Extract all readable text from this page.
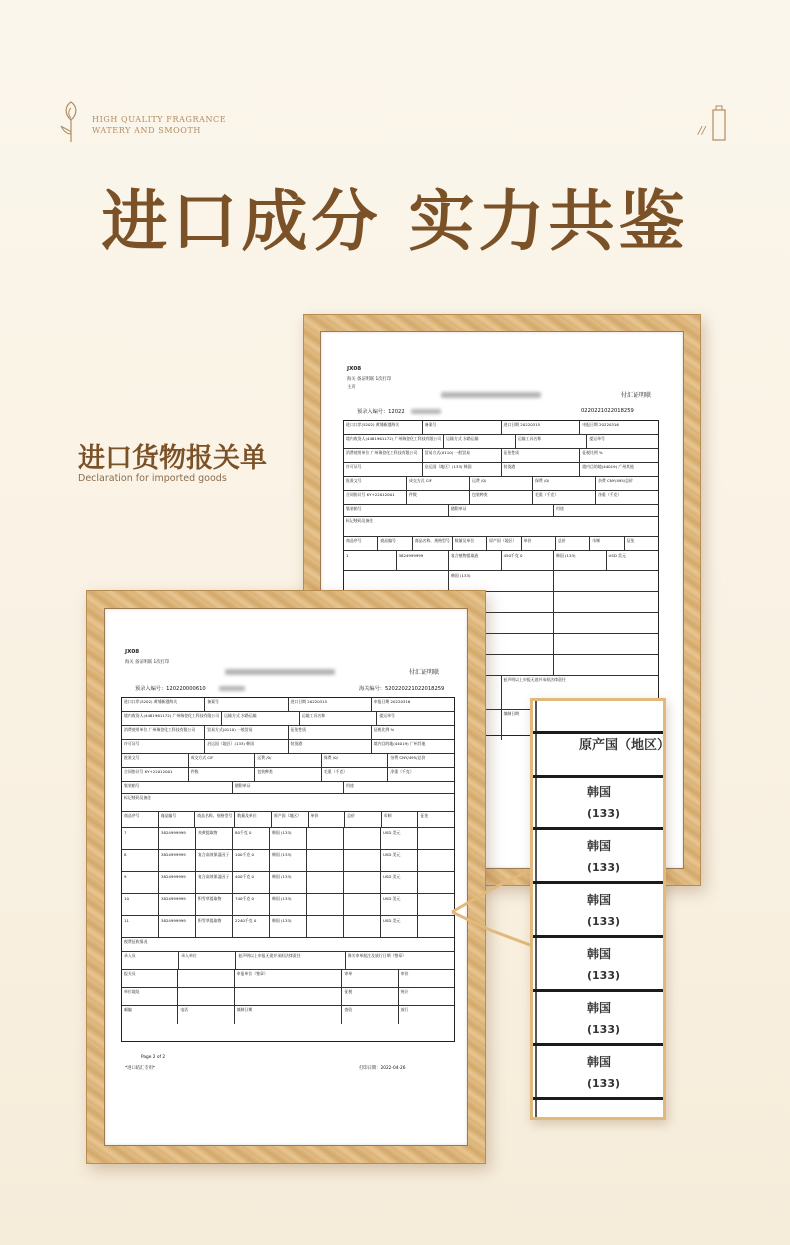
HIGH QUALITY FRAGRANCE
WATERY AND SMOOTH	//
进口成分 实力共鉴
进口货物报关单
Declaration for imported goods
JX08
海关 备证明联 1次打印
主页
付汇证明联
预录入编号：12022	0220221022018259
进口口岸(5202) 黄埔新港海关	备案号	进口日期 20220315	申报日期 20220316
境内收货人(4481961172) 广州瑞登化工科技有限公司	运输方式 水路运输	运输工具名称	提运单号
消费使用单位 广州瑞登化工科技有限公司	贸易方式(0110) 一般贸易	征免性质	征税比例 %
许可证号	启运国（地区）(133) 韩国	装货港	境内目的地(44019) 广州其他
批准文号	成交方式 CIF	运费 /0/	保费 /0/	杂费 CNY/495/总价
合同协议号 KY+22012001	件数	包装种类	毛重（千克）	净重（千克）
集装箱号	随附单证	用途
标记唛码及备注
商品序号	商品编号	商品名称、规格型号	数量及单位	原产国（地区）	单价	总价	币制	征免
1	3824999999	复合植物提取液	450千克 0	韩国 (133)	USD 美元
韩国 (133)
兹声明以上申报无讹并承担法律责任
填制日期
JX08
海关 备证明联 1次打印
付汇证明联
预录入编号：120220000610	海关编号：520220221022018259
进口口岸(5202) 黄埔新港海关	备案号	进口日期 20220315	申报日期 20220316
境内收货人(4481961172) 广州瑞登化工科技有限公司	运输方式 水路运输	运输工具名称	提运单号
消费使用单位 广州瑞登化工科技有限公司	贸易方式(0110) 一般贸易	征免性质	征税比例 %
许可证号	启运国（地区）(133) 韩国	装货港	境内目的地(44019) 广州其他
批准文号	成交方式 CIF	运费 /0/	保费 /0/	杂费 CNY/495/总价
合同协议号 KY+22012001	件数	包装种类	毛重（千克）	净重（千克）
集装箱号	随附单证	用途
标记唛码及备注
商品序号	商品编号	商品名称、规格型号	数量及单位	原产国（地区）	单价	总价	币制	征免
7	3824999999	麦黄提取物	80千克 0	韩国 (133)	USD 美元
8	3824999999	复合高效保湿因子	100千克 0	韩国 (133)	USD 美元
9	3824999999	复合高效保湿因子	400千克 0	韩国 (133)	USD 美元
10	3824999999	积雪草提取物	740千克 0	韩国 (133)	USD 美元
11	3824999999	积雪草提取物	2240千克 0	韩国 (133)	USD 美元
税费征收情况
录入员	录入单位	兹声明以上申报无讹并承担法律责任	海关审单批注及放行日期（签章）
报关员	申报单位（签章）	审单	审价
单位地址	征税	统计
邮编	电话	填制日期	查验	放行
Page 2 of 2
*进口结汇专用*	打印日期：2022-04-26
原产国（地区）
韩国
(133)
韩国
(133)
韩国
(133)
韩国
(133)
韩国
(133)
韩国
(133)
